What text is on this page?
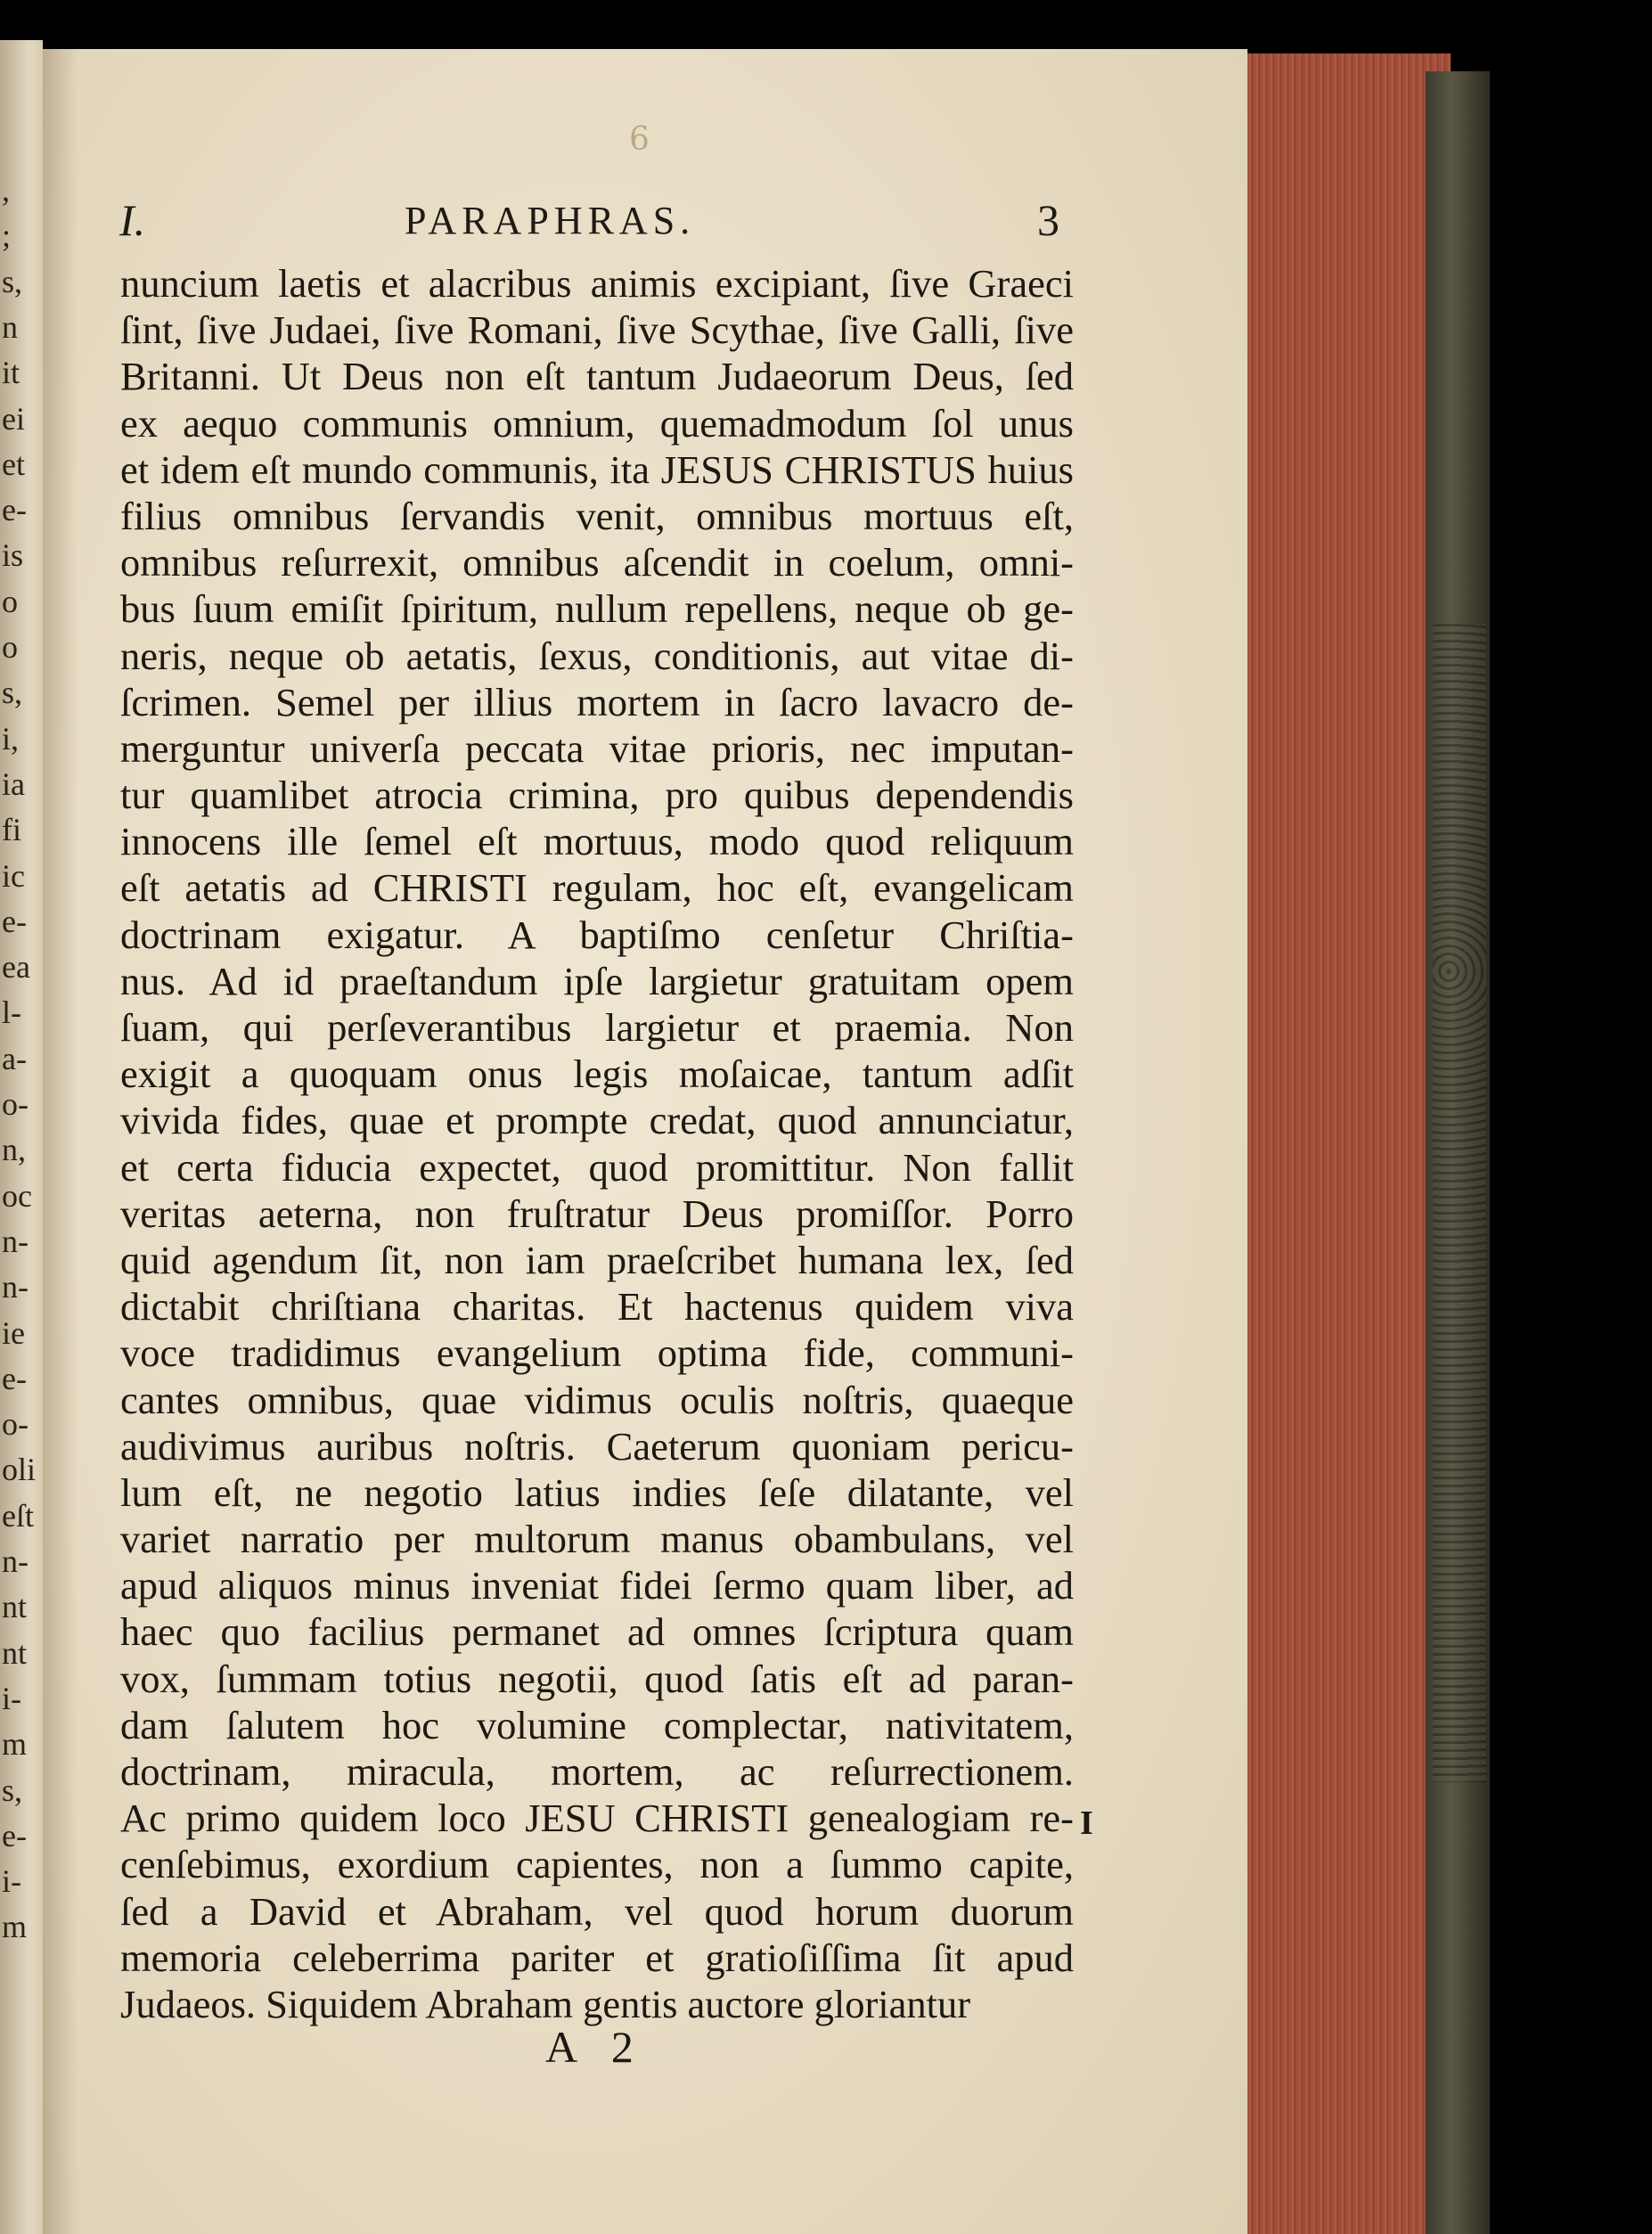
,
;
s,
n
it
ei
et
e-
is
o
o
s,
i,
ia
fi
ic
e-
ea
l-
a-
o-
n,
oc
n-
n-
ie
e-
o-
oli
eſt
n-
nt
nt
i-
m
s,
e-
i-
m
6
I.	PARAPHRAS.	3
nuncium laetis et alacribus animis excipiant, ſive Graeci
ſint, ſive Judaei, ſive Romani, ſive Scythae, ſive Galli, ſive
Britanni. Ut Deus non eſt tantum Judaeorum Deus, ſed
ex aequo communis omnium, quemadmodum ſol unus
et idem eſt mundo communis, ita JESUS CHRISTUS huius
filius omnibus ſervandis venit, omnibus mortuus eſt,
omnibus reſurrexit, omnibus aſcendit in coelum, omni-
bus ſuum emiſit ſpiritum, nullum repellens, neque ob ge-
neris, neque ob aetatis, ſexus, conditionis, aut vitae di-
ſcrimen. Semel per illius mortem in ſacro lavacro de-
merguntur univerſa peccata vitae prioris, nec imputan-
tur quamlibet atrocia crimina, pro quibus dependendis
innocens ille ſemel eſt mortuus, modo quod reliquum
eſt aetatis ad CHRISTI regulam, hoc eſt, evangelicam
doctrinam exigatur. A baptiſmo cenſetur Chriſtia-
nus. Ad id praeſtandum ipſe largietur gratuitam opem
ſuam, qui perſeverantibus largietur et praemia. Non
exigit a quoquam onus legis moſaicae, tantum adſit
vivida fides, quae et prompte credat, quod annunciatur,
et certa fiducia expectet, quod promittitur. Non fallit
veritas aeterna, non fruſtratur Deus promiſſor. Porro
quid agendum ſit, non iam praeſcribet humana lex, ſed
dictabit chriſtiana charitas. Et hactenus quidem viva
voce tradidimus evangelium optima fide, communi-
cantes omnibus, quae vidimus oculis noſtris, quaeque
audivimus auribus noſtris. Caeterum quoniam pericu-
lum eſt, ne negotio latius indies ſeſe dilatante, vel
variet narratio per multorum manus obambulans, vel
apud aliquos minus inveniat fidei ſermo quam liber, ad
haec quo facilius permanet ad omnes ſcriptura quam
vox, ſummam totius negotii, quod ſatis eſt ad paran-
dam ſalutem hoc volumine complectar, nativitatem,
doctrinam, miracula, mortem, ac reſurrectionem.
Ac primo quidem loco JESU CHRISTI genealogiam re-
cenſebimus, exordium capientes, non a ſummo capite,
ſed a David et Abraham, vel quod horum duorum
memoria celeberrima pariter et gratioſiſſima ſit apud
Judaeos. Siquidem Abraham gentis auctore gloriantur
I
A 2
